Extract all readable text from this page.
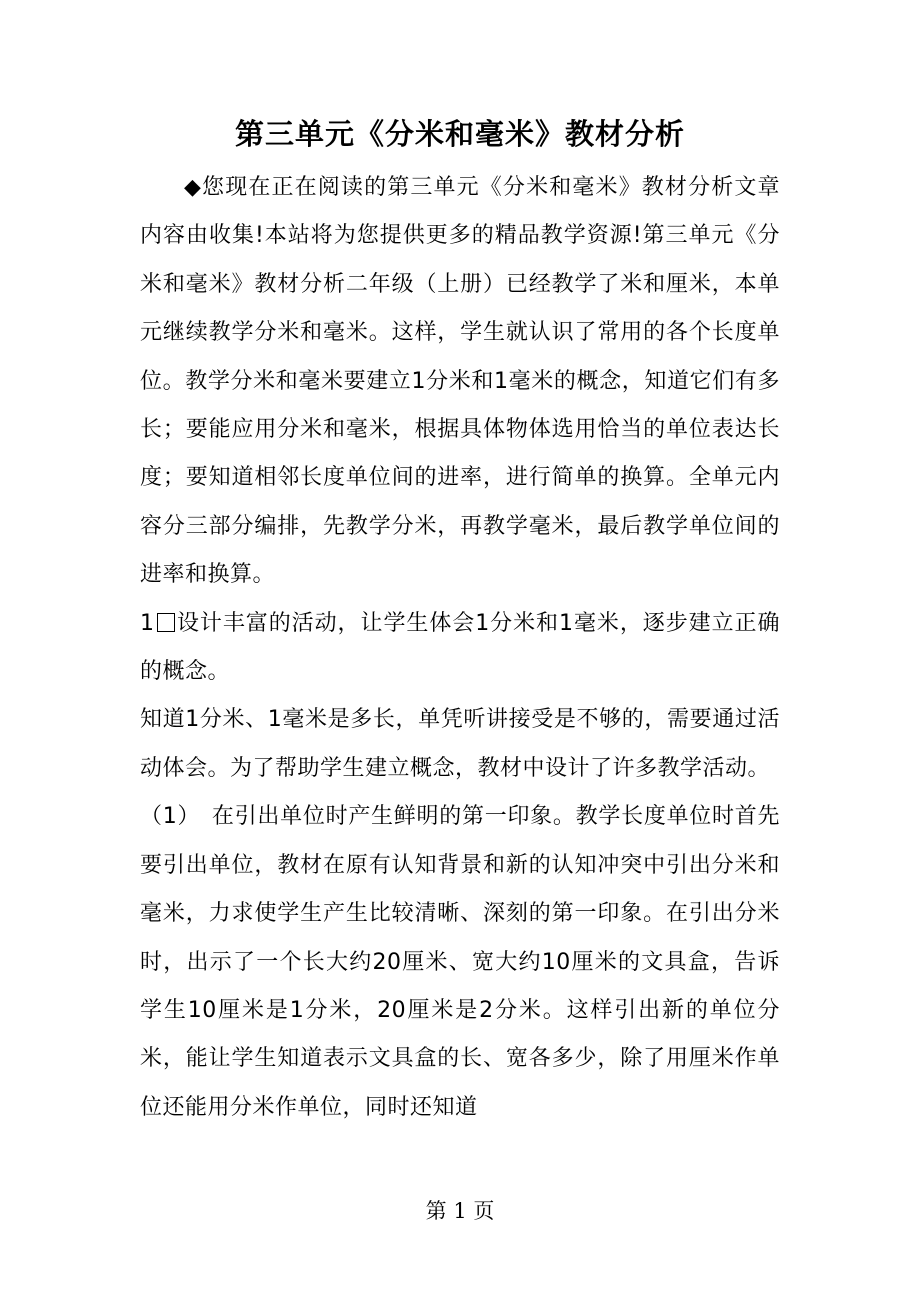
第三单元《分米和毫米》教材分析

◆您现在正在阅读的第三单元《分米和毫米》教材分析文章内容由收集!本站将为您提供更多的精品教学资源!第三单元《分米和毫米》教材分析二年级（上册）已经教学了米和厘米，本单元继续教学分米和毫米。这样，学生就认识了常用的各个长度单位。教学分米和毫米要建立1分米和1毫米的概念，知道它们有多长；要能应用分米和毫米，根据具体物体选用恰当的单位表达长度；要知道相邻长度单位间的进率，进行简单的换算。全单元内容分三部分编排，先教学分米，再教学毫米，最后教学单位间的进率和换算。

1 设计丰富的活动，让学生体会1分米和1毫米，逐步建立正确的概念。

知道1分米、1毫米是多长，单凭听讲接受是不够的，需要通过活动体会。为了帮助学生建立概念，教材中设计了许多教学活动。

（1）　在引出单位时产生鲜明的第一印象。教学长度单位时首先要引出单位，教材在原有认知背景和新的认知冲突中引出分米和毫米，力求使学生产生比较清晰、深刻的第一印象。在引出分米时，出示了一个长大约20厘米、宽大约10厘米的文具盒，告诉学生10厘米是1分米，20厘米是2分米。这样引出新的单位分米，能让学生知道表示文具盒的长、宽各多少，除了用厘米作单位还能用分米作单位，同时还知道

第 1 页
